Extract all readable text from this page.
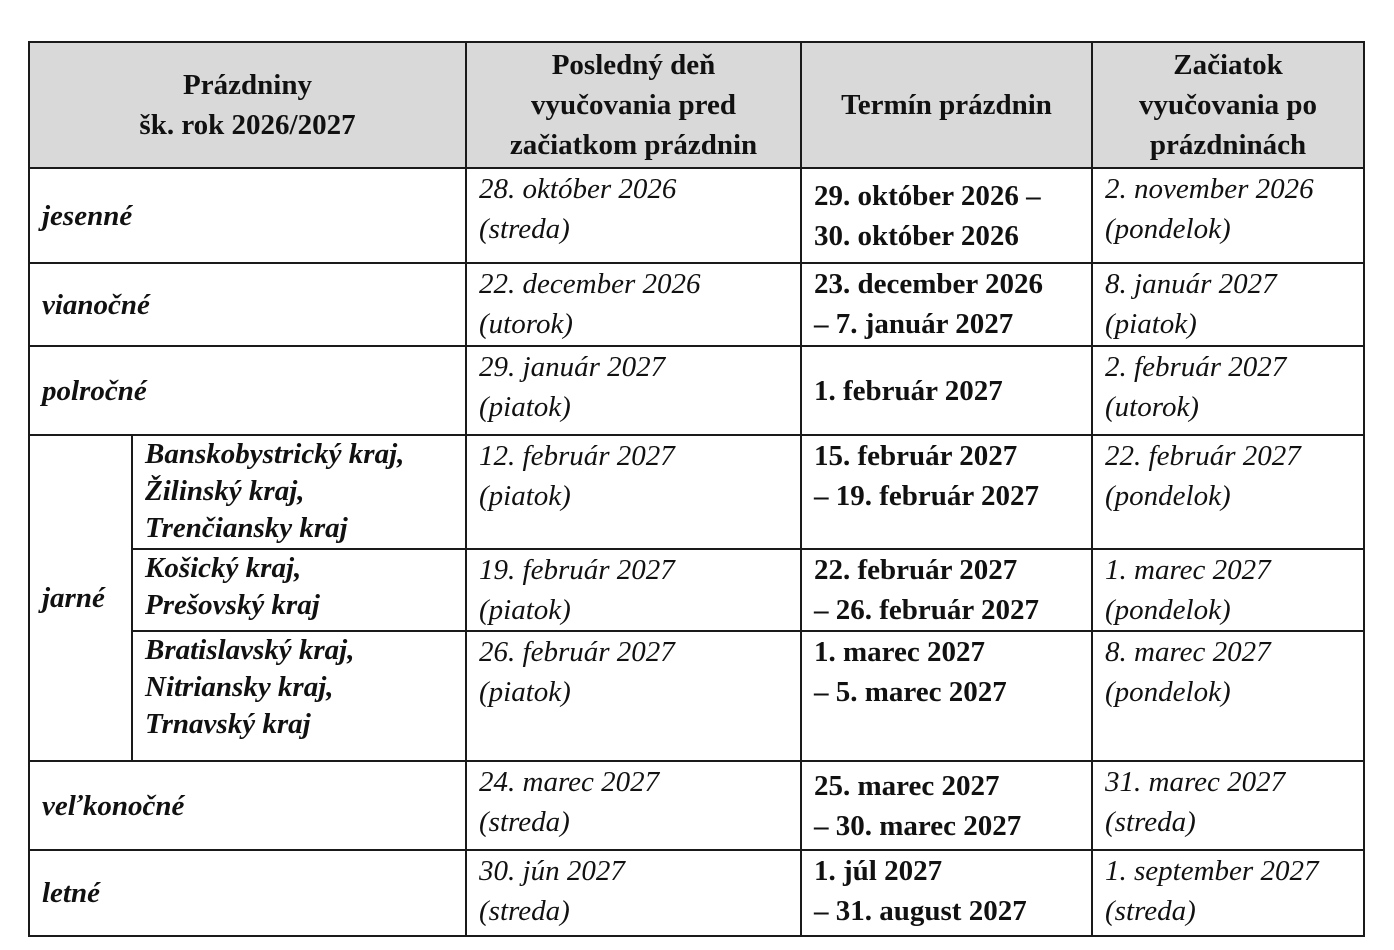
Prázdniny
šk. rok 2026/2027		Posledný deň
vyučovania pred
začiatkom prázdnin	Termín prázdnin	Začiatok
vyučovania po
prázdninách

jesenné		28. október 2026
(streda)	29. október 2026 –
30. október 2026	2. november 2026
(pondelok)

vianočné		22. december 2026
(utorok)	23. december 2026
– 7. január 2027	8. január 2027
(piatok)

polročné		29. január 2027
(piatok)	1. február 2027	2. február 2027
(utorok)

jarné	Banskobystrický kraj,
Žilinský kraj,
Trenčiansky kraj	12. február 2027
(piatok)	15. február 2027
– 19. február 2027	22. február 2027
(pondelok)

	Košický kraj,
Prešovský kraj	19. február 2027
(piatok)	22. február 2027
– 26. február 2027	1. marec 2027
(pondelok)

	Bratislavský kraj,
Nitriansky kraj,
Trnavský kraj	26. február 2027
(piatok)	1. marec 2027
– 5. marec 2027	8. marec 2027
(pondelok)

veľkonočné		24. marec 2027
(streda)	25. marec 2027
– 30. marec 2027	31. marec 2027
(streda)

letné		30. jún 2027
(streda)	1. júl 2027
– 31. august 2027	1. september 2027
(streda)
